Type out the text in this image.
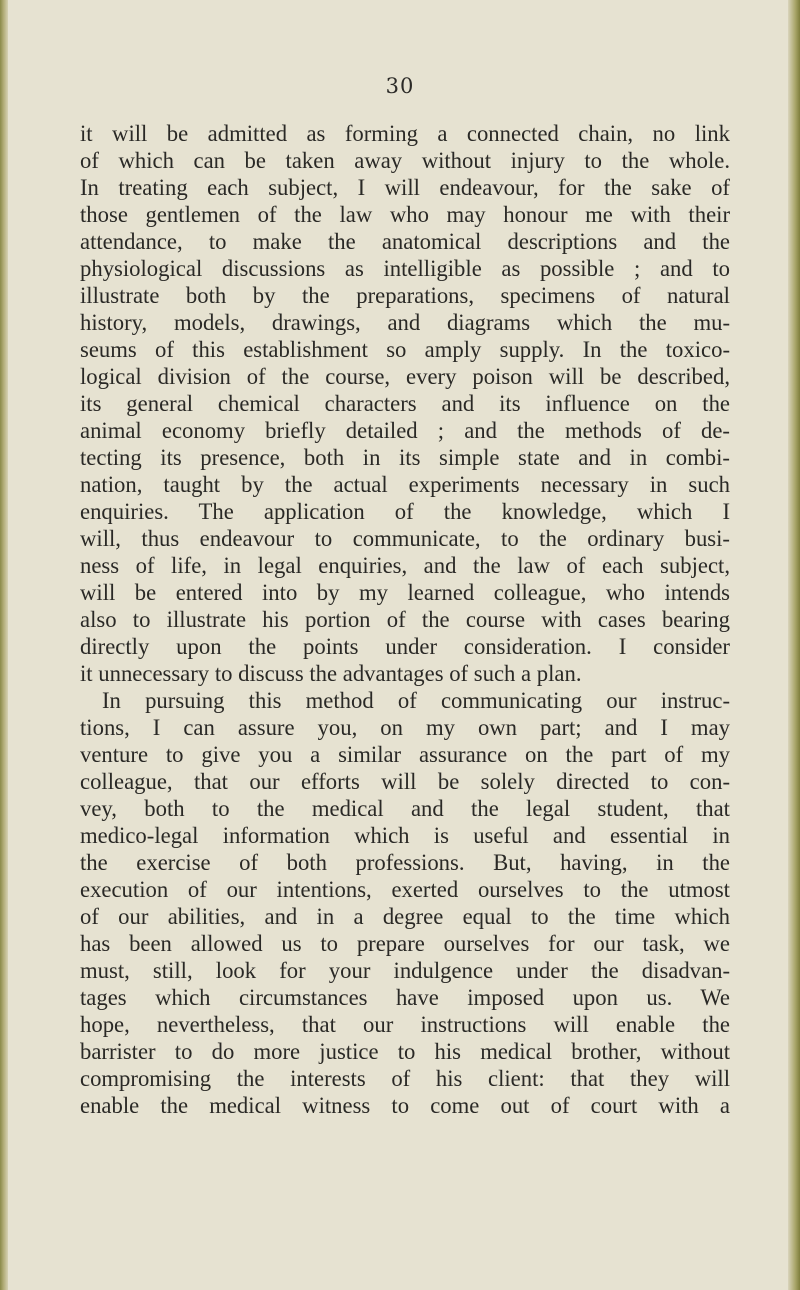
30
it will be admitted as forming a connected chain, no link
of which can be taken away without injury to the whole.
In treating each subject, I will endeavour, for the sake of
those gentlemen of the law who may honour me with their
attendance, to make the anatomical descriptions and the
physiological discussions as intelligible as possible ; and to
illustrate both by the preparations, specimens of natural
history, models, drawings, and diagrams which the mu-
seums of this establishment so amply supply. In the toxico-
logical division of the course, every poison will be described,
its general chemical characters and its influence on the
animal economy briefly detailed ; and the methods of de-
tecting its presence, both in its simple state and in combi-
nation, taught by the actual experiments necessary in such
enquiries. The application of the knowledge, which I
will, thus endeavour to communicate, to the ordinary busi-
ness of life, in legal enquiries, and the law of each subject,
will be entered into by my learned colleague, who intends
also to illustrate his portion of the course with cases bearing
directly upon the points under consideration. I consider
it unnecessary to discuss the advantages of such a plan.
In pursuing this method of communicating our instruc-
tions, I can assure you, on my own part; and I may
venture to give you a similar assurance on the part of my
colleague, that our efforts will be solely directed to con-
vey, both to the medical and the legal student, that
medico-legal information which is useful and essential in
the exercise of both professions. But, having, in the
execution of our intentions, exerted ourselves to the utmost
of our abilities, and in a degree equal to the time which
has been allowed us to prepare ourselves for our task, we
must, still, look for your indulgence under the disadvan-
tages which circumstances have imposed upon us. We
hope, nevertheless, that our instructions will enable the
barrister to do more justice to his medical brother, without
compromising the interests of his client: that they will
enable the medical witness to come out of court with a
